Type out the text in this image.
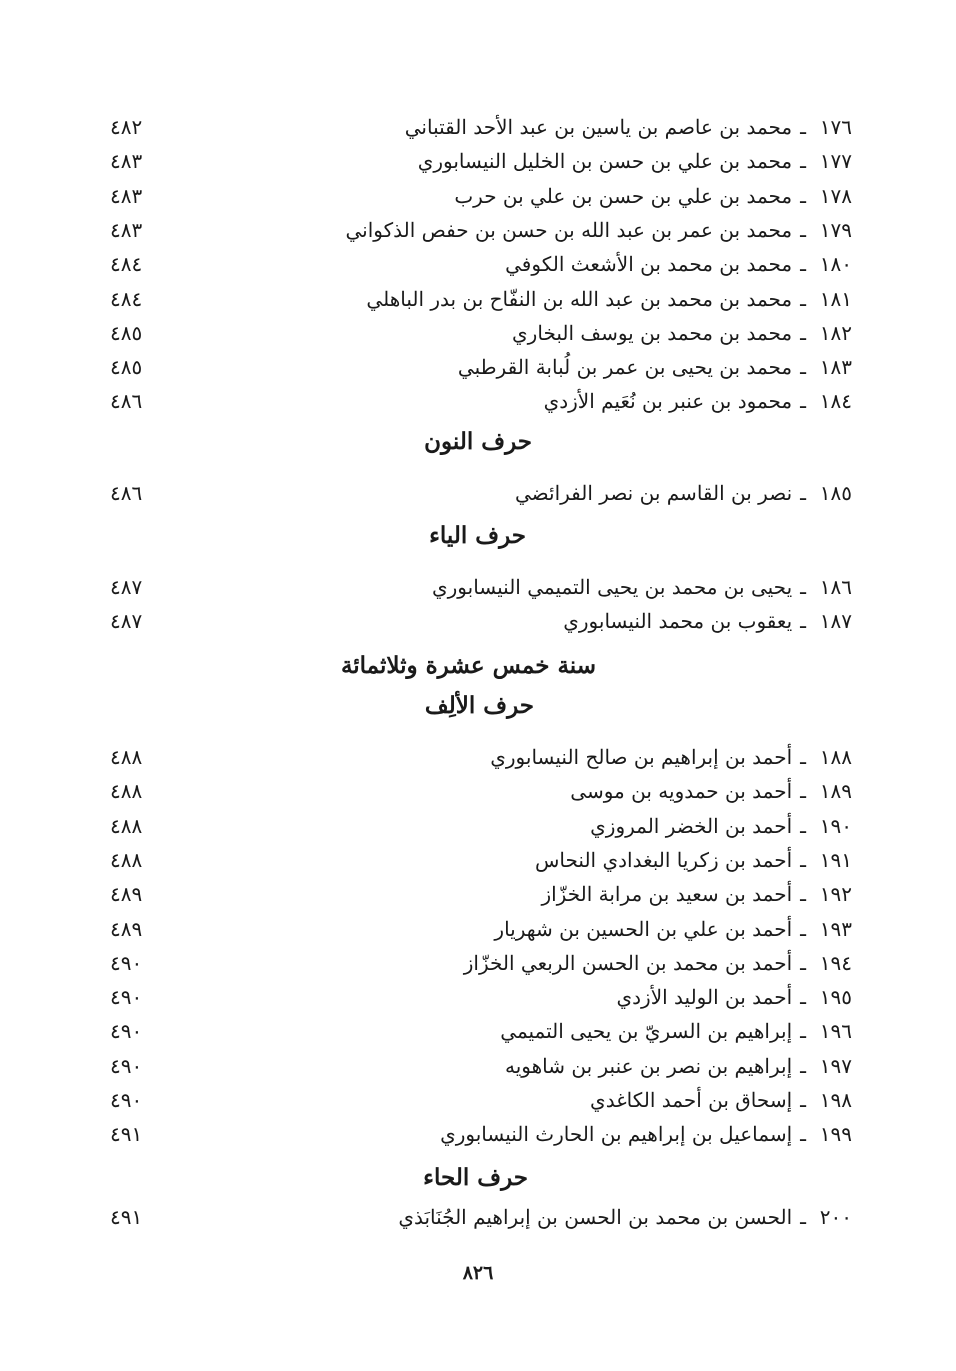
١٧٦ـمحمد بن عاصم بن ياسين بن عبد الأحد القتباني
٤٨٢
١٧٧ـمحمد بن علي بن حسن بن الخليل النيسابوري
٤٨٣
١٧٨ـمحمد بن علي بن حسن بن علي بن حرب
٤٨٣
١٧٩ـمحمد بن عمر بن عبد الله بن حسن بن حفص الذكواني
٤٨٣
١٨٠ـمحمد بن محمد بن الأشعث الكوفي
٤٨٤
١٨١ـمحمد بن محمد بن عبد الله بن النفّاح بن بدر الباهلي
٤٨٤
١٨٢ـمحمد بن محمد بن يوسف البخاري
٤٨٥
١٨٣ـمحمد بن يحيى بن عمر بن لُبابة القرطبي
٤٨٥
١٨٤ـمحمود بن عنبر بن نُعَيم الأزدي
٤٨٦
١٨٥ـنصر بن القاسم بن نصر الفرائضي
٤٨٦
١٨٦ـيحيى بن محمد بن يحيى التميمي النيسابوري
٤٨٧
١٨٧ـيعقوب بن محمد النيسابوري
٤٨٧
١٨٨ـأحمد بن إبراهيم بن صالح النيسابوري
٤٨٨
١٨٩ـأحمد بن حمدويه بن موسى
٤٨٨
١٩٠ـأحمد بن الخضر المروزي
٤٨٨
١٩١ـأحمد بن زكريا البغدادي النحاس
٤٨٨
١٩٢ـأحمد بن سعيد بن مرابة الخزّاز
٤٨٩
١٩٣ـأحمد بن علي بن الحسين بن شهريار
٤٨٩
١٩٤ـأحمد بن محمد بن الحسن الربعي الخزّاز
٤٩٠
١٩٥ـأحمد بن الوليد الأزدي
٤٩٠
١٩٦ـإبراهيم بن السريّ بن يحيى التميمي
٤٩٠
١٩٧ـإبراهيم بن نصر بن عنبر بن شاهويه
٤٩٠
١٩٨ـإسحاق بن أحمد الكاغدي
٤٩٠
١٩٩ـإسماعيل بن إبراهيم بن الحارث النيسابوري
٤٩١
٢٠٠ـالحسن بن محمد بن الحسن بن إبراهيم الجُنَابَذي
٤٩١
حرف النون
حرف الياء
سنة خمس عشرة وثلاثمائة
حرف الألِف
حرف الحاء
٨٢٦
